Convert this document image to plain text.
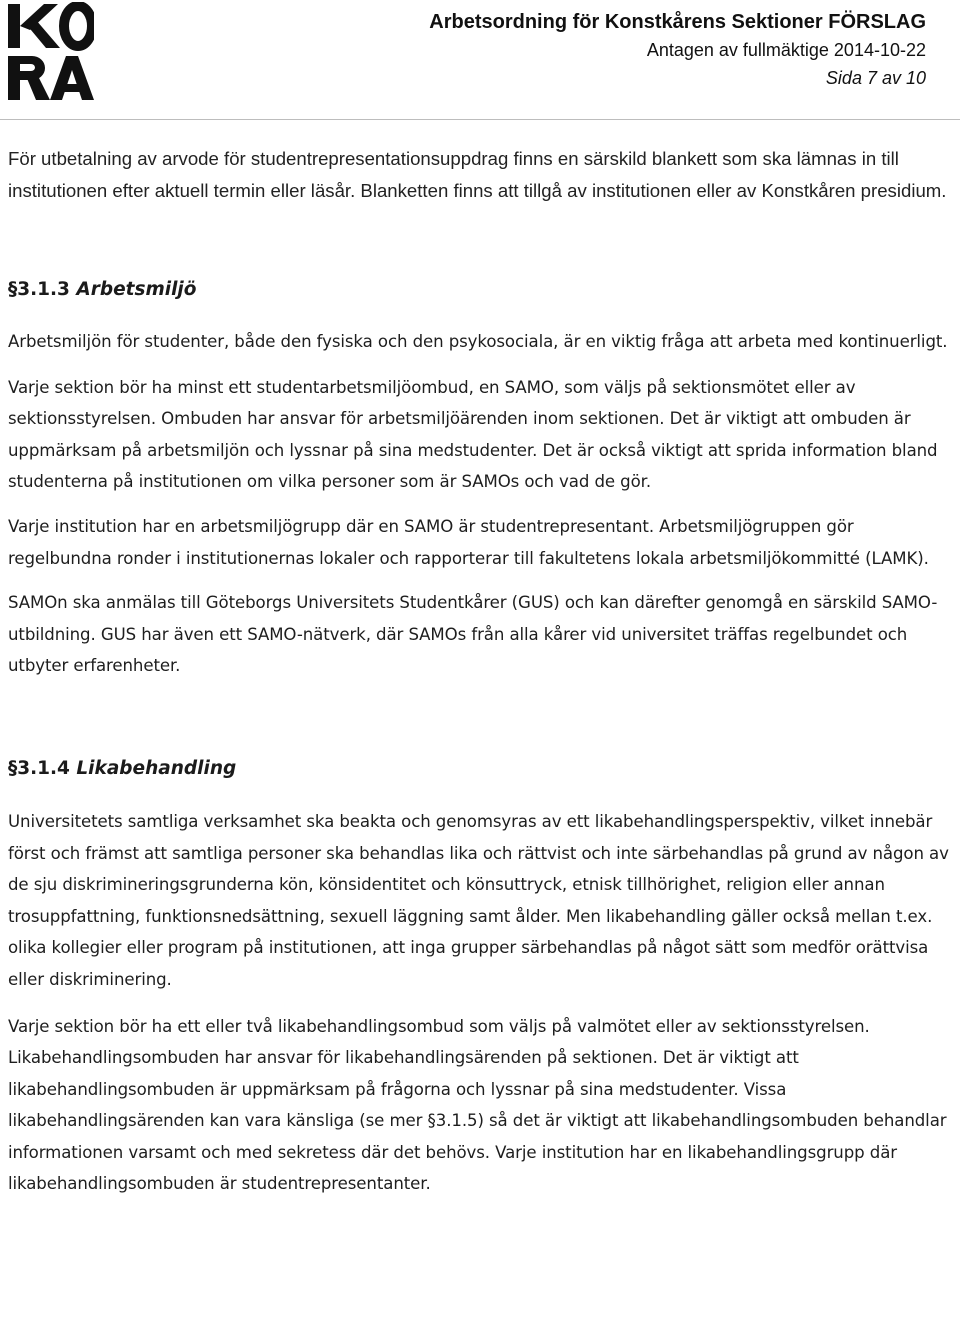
Arbetsordning för Konstkårens Sektioner FÖRSLAG
Antagen av fullmäktige 2014-10-22
Sida 7 av 10

För utbetalning av arvode för studentrepresentationsuppdrag finns en särskild blankett som ska lämnas in till institutionen efter aktuell termin eller läsår. Blanketten finns att tillgå av institutionen eller av Konstkåren presidium.

§3.1.3 Arbetsmiljö

Arbetsmiljön för studenter, både den fysiska och den psykosociala, är en viktig fråga att arbeta med kontinuerligt.

Varje sektion bör ha minst ett studentarbetsmiljöombud, en SAMO, som väljs på sektionsmötet eller av sektionsstyrelsen. Ombuden har ansvar för arbetsmiljöärenden inom sektionen. Det är viktigt att ombuden är uppmärksam på arbetsmiljön och lyssnar på sina medstudenter. Det är också viktigt att sprida information bland studenterna på institutionen om vilka personer som är SAMOs och vad de gör.

Varje institution har en arbetsmiljögrupp där en SAMO är studentrepresentant. Arbetsmiljögruppen gör regelbundna ronder i institutionernas lokaler och rapporterar till fakultetens lokala arbetsmiljökommitté (LAMK).

SAMOn ska anmälas till Göteborgs Universitets Studentkårer (GUS) och kan därefter genomgå en särskild SAMO-utbildning. GUS har även ett SAMO-nätverk, där SAMOs från alla kårer vid universitet träffas regelbundet och utbyter erfarenheter.

§3.1.4 Likabehandling

Universitetets samtliga verksamhet ska beakta och genomsyras av ett likabehandlingsperspektiv, vilket innebär först och främst att samtliga personer ska behandlas lika och rättvist och inte särbehandlas på grund av någon av de sju diskrimineringsgrunderna kön, könsidentitet och könsuttryck, etnisk tillhörighet, religion eller annan trosuppfattning, funktionsnedsättning, sexuell läggning samt ålder. Men likabehandling gäller också mellan t.ex. olika kollegier eller program på institutionen, att inga grupper särbehandlas på något sätt som medför orättvisa eller diskriminering.

Varje sektion bör ha ett eller två likabehandlingsombud som väljs på valmötet eller av sektionsstyrelsen. Likabehandlingsombuden har ansvar för likabehandlingsärenden på sektionen. Det är viktigt att likabehandlingsombuden är uppmärksam på frågorna och lyssnar på sina medstudenter. Vissa likabehandlingsärenden kan vara känsliga (se mer §3.1.5) så det är viktigt att likabehandlingsombuden behandlar informationen varsamt och med sekretess där det behövs. Varje institution har en likabehandlingsgrupp där likabehandlingsombuden är studentrepresentanter.
